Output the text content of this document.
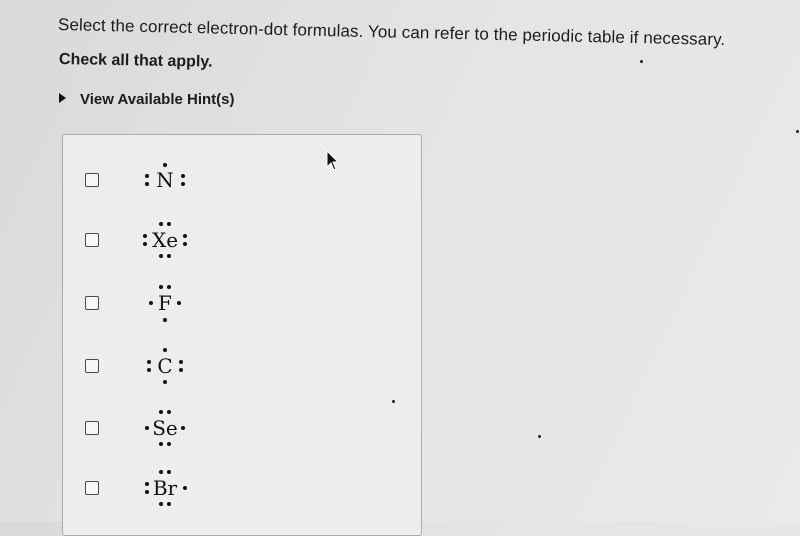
Select the correct electron-dot formulas. You can refer to the periodic table if necessary.
Check all that apply.
View Available Hint(s)
N
Xe
F
C
Se
Br
